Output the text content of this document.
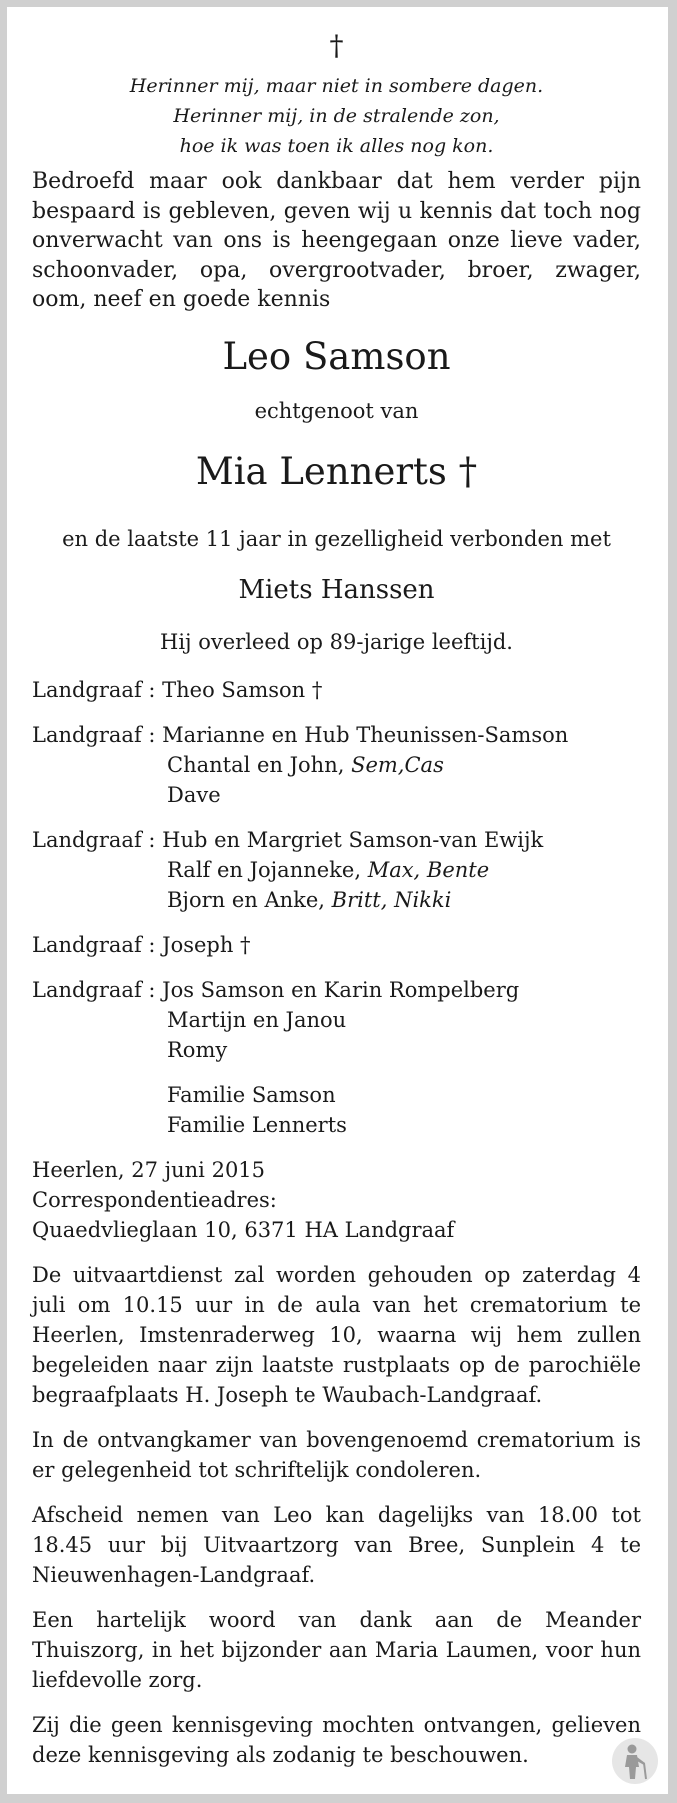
†
Herinner mij, maar niet in sombere dagen.
Herinner mij, in de stralende zon,
hoe ik was toen ik alles nog kon.
Bedroefd maar ook dankbaar dat hem verder pijn bespaard is gebleven, geven wij u kennis dat toch nog onverwacht van ons is heengegaan onze lieve vader, schoonvader, opa, overgrootvader, broer, zwager, oom, neef en goede kennis
Leo Samson
echtgenoot van
Mia Lennerts †
en de laatste 11 jaar in gezelligheid verbonden met
Miets Hanssen
Hij overleed op 89-jarige leeftijd.
Landgraaf : Theo Samson †
Landgraaf : Marianne en Hub Theunissen-Samson
Chantal en John, Sem,Cas
Dave
Landgraaf : Hub en Margriet Samson-van Ewijk
Ralf en Jojanneke, Max, Bente
Bjorn en Anke, Britt, Nikki
Landgraaf : Joseph †
Landgraaf : Jos Samson en Karin Rompelberg
Martijn en Janou
Romy
Familie Samson
Familie Lennerts
Heerlen, 27 juni 2015
Correspondentieadres:
Quaedvlieglaan 10, 6371 HA Landgraaf
De uitvaartdienst zal worden gehouden op zaterdag 4 juli om 10.15 uur in de aula van het crematorium te Heerlen, Imstenraderweg 10, waarna wij hem zullen begeleiden naar zijn laatste rustplaats op de parochiële begraafplaats H. Joseph te Waubach-Landgraaf.
In de ontvangkamer van bovengenoemd crematorium is er gelegenheid tot schriftelijk condoleren.
Afscheid nemen van Leo kan dagelijks van 18.00 tot 18.45 uur bij Uitvaartzorg van Bree, Sunplein 4 te Nieuwenhagen-Landgraaf.
Een hartelijk woord van dank aan de Meander Thuiszorg, in het bijzonder aan Maria Laumen, voor hun liefdevolle zorg.
Zij die geen kennisgeving mochten ontvangen, gelieven deze kennisgeving als zodanig te beschouwen.
